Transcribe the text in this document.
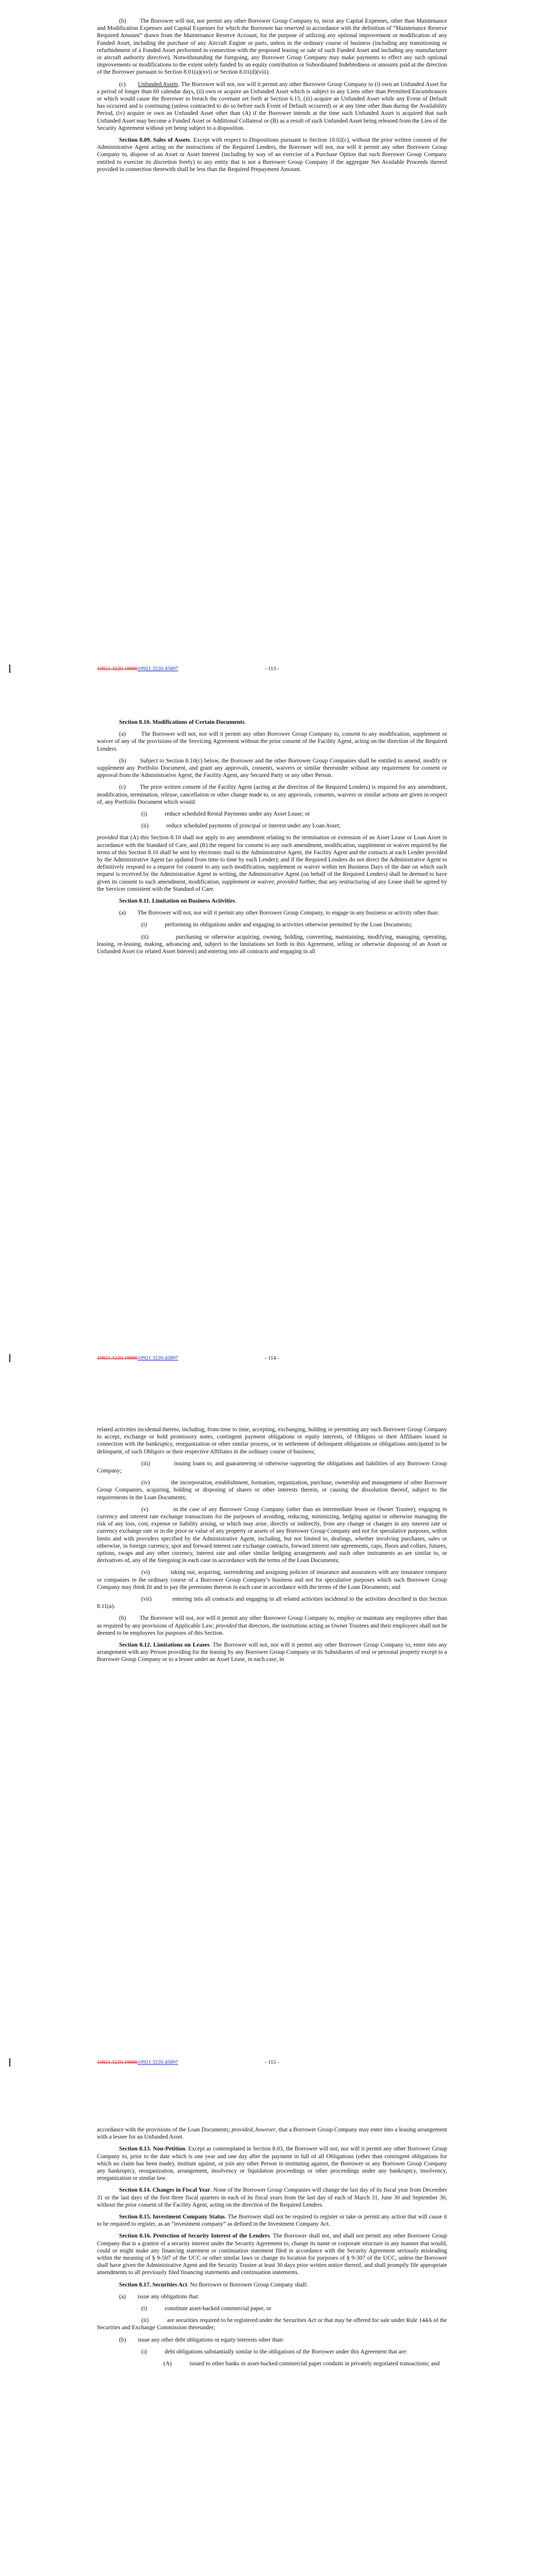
(b) The Borrower will not, nor permit any other Borrower Group Company to, incur any Capital Expenses, other than Maintenance and Modification Expenses and Capital Expenses for which the Borrower has reserved in accordance with the definition of “Maintenance Reserve Required Amount” drawn from the Maintenance Reserve Account, for the purpose of utilizing any optional improvement or modification of any Funded Asset, including the purchase of any Aircraft Engine or parts, unless in the ordinary course of business (including any transitioning or refurbishment of a Funded Asset performed in connection with the proposed leasing or sale of such Funded Asset and including any manufacturer or aircraft authority directive). Notwithstanding the foregoing, any Borrower Group Company may make payments to effect any such optional improvements or modifications to the extent solely funded by an equity contribution or Subordinated Indebtedness or amounts paid at the direction of the Borrower pursuant to Section 8.01(a)(xvi) or Section 8.01(d)(viii).

(c) Unfunded Assets. The Borrower will not, nor will it permit any other Borrower Group Company to (i) own an Unfunded Asset for a period of longer than 60 calendar days, (ii) own or acquire an Unfunded Asset which is subject to any Liens other than Permitted Encumbrances or which would cause the Borrower to breach the covenant set forth at Section 6.15, (iii) acquire an Unfunded Asset while any Event of Default has occurred and is continuing (unless contracted to do so before such Event of Default occurred) or at any time other than during the Availability Period, (iv) acquire or own an Unfunded Asset other than (A) if the Borrower intends at the time such Unfunded Asset is acquired that such Unfunded Asset may become a Funded Asset or Additional Collateral or (B) as a result of such Unfunded Asset being released from the Lien of the Security Agreement without yet being subject to a disposition.

Section 8.09. Sales of Assets. Except with respect to Dispositions pursuant to Section 10.02(c), without the prior written consent of the Administrative Agent acting on the instructions of the Required Lenders, the Borrower will not, nor will it permit any other Borrower Group Company to, dispose of an Asset or Asset Interest (including by way of an exercise of a Purchase Option that such Borrower Group Company entitled to exercise its discretion freely) to any entity that is not a Borrower Group Company if the aggregate Net Available Proceeds thereof provided in connection therewith shall be less than the Required Prepayment Amount.

10921.3220.1989610921.3220.45897	- 113 -

Section 8.10. Modifications of Certain Documents.

(a)	The Borrower will not, nor will it permit any other Borrower Group Company to, consent to any modification, supplement or waiver of any of the provisions of the Servicing Agreement without the prior consent of the Facility Agent, acting on the direction of the Required Lenders.

(b) Subject to Section 8.10(c) below, the Borrower and the other Borrower Group Companies shall be entitled to amend, modify or supplement any Portfolio Document, and grant any approvals, consents, waivers or similar thereunder without any requirement for consent or approval from the Administrative Agent, the Facility Agent, any Secured Party or any other Person.

(c) The prior written consent of the Facility Agent (acting at the direction of the Required Lenders) is required for any amendment, modification, termination, release, cancellation or other change made to, or any approvals, consents, waivers or similar actions are given in respect of, any Portfolio Document which would:

(i)	reduce scheduled Rental Payments under any Asset Lease; or

(ii)	reduce scheduled payments of principal or interest under any Loan Asset;

provided that (A) this Section 8.10 shall not apply to any amendment relating to the termination or extension of an Asset Lease or Loan Asset in accordance with the Standard of Care, and (B) the request for consent to any such amendment, modification, supplement or waiver required by the terms of this Section 8.10 shall be sent by electronic mail to the Administrative Agent, the Facility Agent and the contacts at each Lender provided by the Administrative Agent (as updated from time to time by each Lender); and if the Required Lenders do not direct the Administrative Agent to definitively respond to a request for consent to any such modification, supplement or waiver within ten Business Days of the date on which such request is received by the Administrative Agent in writing, the Administrative Agent (on behalf of the Required Lenders) shall be deemed to have given its consent to such amendment, modification, supplement or waiver; provided further, that any restructuring of any Lease shall be agreed by the Servicer consistent with the Standard of Care.

Section 8.11. Limitation on Business Activities.

(a) The Borrower will not, nor will it permit any other Borrower Group Company, to engage in any business or activity other than:

(i)	performing its obligations under and engaging in activities otherwise permitted by the Loan Documents;

(ii)	purchasing or otherwise acquiring, owning, holding, converting, maintaining, modifying, managing, operating, leasing, re-leasing, making, advancing and, subject to the limitations set forth in this Agreement, selling or otherwise disposing of an Asset or Unfunded Asset (or related Asset Interest) and entering into all contracts and engaging in all

10921.3220.1989610921.3220.45897	- 114 -

related activities incidental thereto, including, from time to time, accepting, exchanging, holding or permitting any such Borrower Group Company to accept, exchange or hold promissory notes, contingent payment obligations or equity interests, of Obligors or their Affiliates issued in connection with the bankruptcy, reorganization or other similar process, or in settlement of delinquent obligations or obligations anticipated to be delinquent, of such Obligors or their respective Affiliates in the ordinary course of business;

(iii)	issuing loans to, and guaranteeing or otherwise supporting the obligations and liabilities of any Borrower Group Company;

(iv)	the incorporation, establishment, formation, organization, purchase, ownership and management of other Borrower Group Companies, acquiring, holding or disposing of shares or other interests therein, or causing the dissolution thereof, subject to the requirements in the Loan Documents;

(v)	in the case of any Borrower Group Company (other than an intermediate lessor or Owner Trustee), engaging in currency and interest rate exchange transactions for the purposes of avoiding, reducing, minimizing, hedging against or otherwise managing the risk of any loss, cost, expense or liability arising, or which may arise, directly or indirectly, from any change or changes in any interest rate or currency exchange rate or in the price or value of any property or assets of any Borrower Group Company and not for speculative purposes, within limits and with providers specified by the Administrative Agent, including, but not limited to, dealings, whether involving purchases, sales or otherwise, in foreign currency, spot and forward interest rate exchange contracts, forward interest rate agreements, caps, floors and collars, futures, options, swaps and any other currency, interest rate and other similar hedging arrangements and such other instruments as are similar to, or derivatives of, any of the foregoing in each case in accordance with the terms of the Loan Documents;

(vi)	taking out, acquiring, surrendering and assigning policies of insurance and assurances with any insurance company or companies in the ordinary course of a Borrower Group Company’s business and not for speculative purposes which such Borrower Group Company may think fit and to pay the premiums thereon in each case in accordance with the terms of the Loan Documents; and

(vii)	entering into all contracts and engaging in all related activities incidental to the activities described in this Section 8.11(a).

(b) The Borrower will not, nor will it permit any other Borrower Group Company to, employ or maintain any employees other than as required by any provisions of Applicable Law; provided that directors, the institutions acting as Owner Trustees and their employees shall not be deemed to be employees for purposes of this Section.

Section 8.12. Limitations on Leases. The Borrower will not, nor will it permit any other Borrower Group Company to, enter into any arrangement with any Person providing for the leasing by any Borrower Group Company or its Subsidiaries of real or personal property except to a Borrower Group Company or to a lessee under an Asset Lease, in each case, in

10921.3220.1989610921.3220.45897	- 115 -

accordance with the provisions of the Loan Documents; provided, however, that a Borrower Group Company may enter into a leasing arrangement with a lessee for an Unfunded Asset.

Section 8.13. Non-Petition. Except as contemplated in Section 8.03, the Borrower will not, nor will it permit any other Borrower Group Company to, prior to the date which is one year and one day after the payment in full of all Obligations (other than contingent obligations for which no claim has been made), institute against, or join any other Person in instituting against, the Borrower or any Borrower Group Company any bankruptcy, reorganization, arrangement, insolvency or liquidation proceedings or other proceedings under any bankruptcy, insolvency, reorganization or similar law.

Section 8.14. Changes in Fiscal Year. None of the Borrower Group Companies will change the last day of its fiscal year from December 31 or the last days of the first three fiscal quarters in each of its fiscal years from the last day of each of March 31, June 30 and September 30, without the prior consent of the Facility Agent, acting on the direction of the Required Lenders.

Section 8.15. Investment Company Status. The Borrower shall not be required to register or take or permit any action that will cause it to be required to register, as an “investment company” as defined in the Investment Company Act.

Section 8.16. Protection of Security Interest of the Lenders. The Borrower shall not, and shall not permit any other Borrower Group Company that is a grantor of a security interest under the Security Agreement to, change its name or corporate structure in any manner that would, could or might make any financing statement or continuation statement filed in accordance with the Security Agreement seriously misleading within the meaning of § 9-507 of the UCC or other similar laws or change its location for purposes of § 9-307 of the UCC, unless the Borrower shall have given the Administrative Agent and the Security Trustee at least 30 days prior written notice thereof, and shall promptly file appropriate amendments to all previously filed financing statements and continuation statements.

Section 8.17. Securities Act. No Borrower or Borrower Group Company shall:

(a) issue any obligations that:

(i)	constitute asset-backed commercial paper, or

(ii)	are securities required to be registered under the Securities Act or that may be offered for sale under Rule 144A of the Securities and Exchange Commission thereunder;

(b) issue any other debt obligations or equity interests other than:

(i)	debt obligations substantially similar to the obligations of the Borrower under this Agreement that are:

(A)	issued to other banks or asset-backed commercial paper conduits in privately negotiated transactions; and
